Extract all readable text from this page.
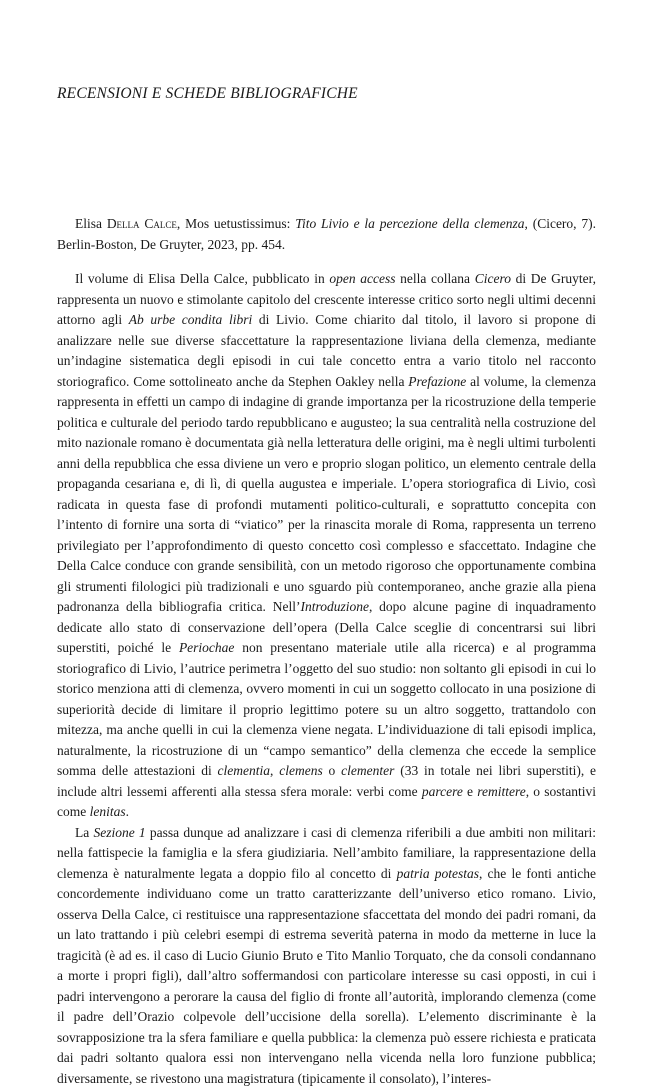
RECENSIONI E SCHEDE BIBLIOGRAFICHE

Elisa Della Calce, Mos uetustissimus: Tito Livio e la percezione della clemenza, (Cicero, 7). Berlin-Boston, De Gruyter, 2023, pp. 454.

Il volume di Elisa Della Calce, pubblicato in open access nella collana Cicero di De Gruyter, rappresenta un nuovo e stimolante capitolo del crescente interesse critico sorto negli ultimi decenni attorno agli Ab urbe condita libri di Livio. Come chiarito dal titolo, il lavoro si propone di analizzare nelle sue diverse sfaccettature la rappresentazione liviana della clemenza, mediante un’indagine sistematica degli episodi in cui tale concetto entra a vario titolo nel racconto storiografico. Come sottolineato anche da Stephen Oakley nella Prefazione al volume, la clemenza rappresenta in effetti un campo di indagine di grande importanza per la ricostruzione della temperie politica e culturale del periodo tardo repubblicano e augusteo; la sua centralità nella costruzione del mito nazionale romano è documentata già nella letteratura delle origini, ma è negli ultimi turbolenti anni della repubblica che essa diviene un vero e proprio slogan politico, un elemento centrale della propaganda cesariana e, di lì, di quella augustea e imperiale. L’opera storiografica di Livio, così radicata in questa fase di profondi mutamenti politico-culturali, e soprattutto concepita con l’intento di fornire una sorta di “viatico” per la rinascita morale di Roma, rappresenta un terreno privilegiato per l’approfondimento di questo concetto così complesso e sfaccettato. Indagine che Della Calce conduce con grande sensibilità, con un metodo rigoroso che opportunamente combina gli strumenti filologici più tradizionali e uno sguardo più contemporaneo, anche grazie alla piena padronanza della bibliografia critica. Nell’Introduzione, dopo alcune pagine di inquadramento dedicate allo stato di conservazione dell’opera (Della Calce sceglie di concentrarsi sui libri superstiti, poiché le Periochae non presentano materiale utile alla ricerca) e al programma storiografico di Livio, l’autrice perimetra l’oggetto del suo studio: non soltanto gli episodi in cui lo storico menziona atti di clemenza, ovvero momenti in cui un soggetto collocato in una posizione di superiorità decide di limitare il proprio legittimo potere su un altro soggetto, trattandolo con mitezza, ma anche quelli in cui la clemenza viene negata. L’individuazione di tali episodi implica, naturalmente, la ricostruzione di un “campo semantico” della clemenza che eccede la semplice somma delle attestazioni di clementia, clemens o clementer (33 in totale nei libri superstiti), e include altri lessemi afferenti alla stessa sfera morale: verbi come parcere e remittere, o sostantivi come lenitas.

La Sezione 1 passa dunque ad analizzare i casi di clemenza riferibili a due ambiti non militari: nella fattispecie la famiglia e la sfera giudiziaria. Nell’ambito familiare, la rappresentazione della clemenza è naturalmente legata a doppio filo al concetto di patria potestas, che le fonti antiche concordemente individuano come un tratto caratterizzante dell’universo etico romano. Livio, osserva Della Calce, ci restituisce una rappresentazione sfaccettata del mondo dei padri romani, da un lato trattando i più celebri esempi di estrema severità paterna in modo da metterne in luce la tragicità (è ad es. il caso di Lucio Giunio Bruto e Tito Manlio Torquato, che da consoli condannano a morte i propri figli), dall’altro soffermandosi con particolare interesse su casi opposti, in cui i padri intervengono a perorare la causa del figlio di fronte all’autorità, implorando clemenza (come il padre dell’Orazio colpevole dell’uccisione della sorella). L’elemento discriminante è la sovrapposizione tra la sfera familiare e quella pubblica: la clemenza può essere richiesta e praticata dai padri soltanto qualora essi non intervengano nella vicenda nella loro funzione pubblica; diversamente, se rivestono una magistratura (tipicamente il consolato), l’interes-
